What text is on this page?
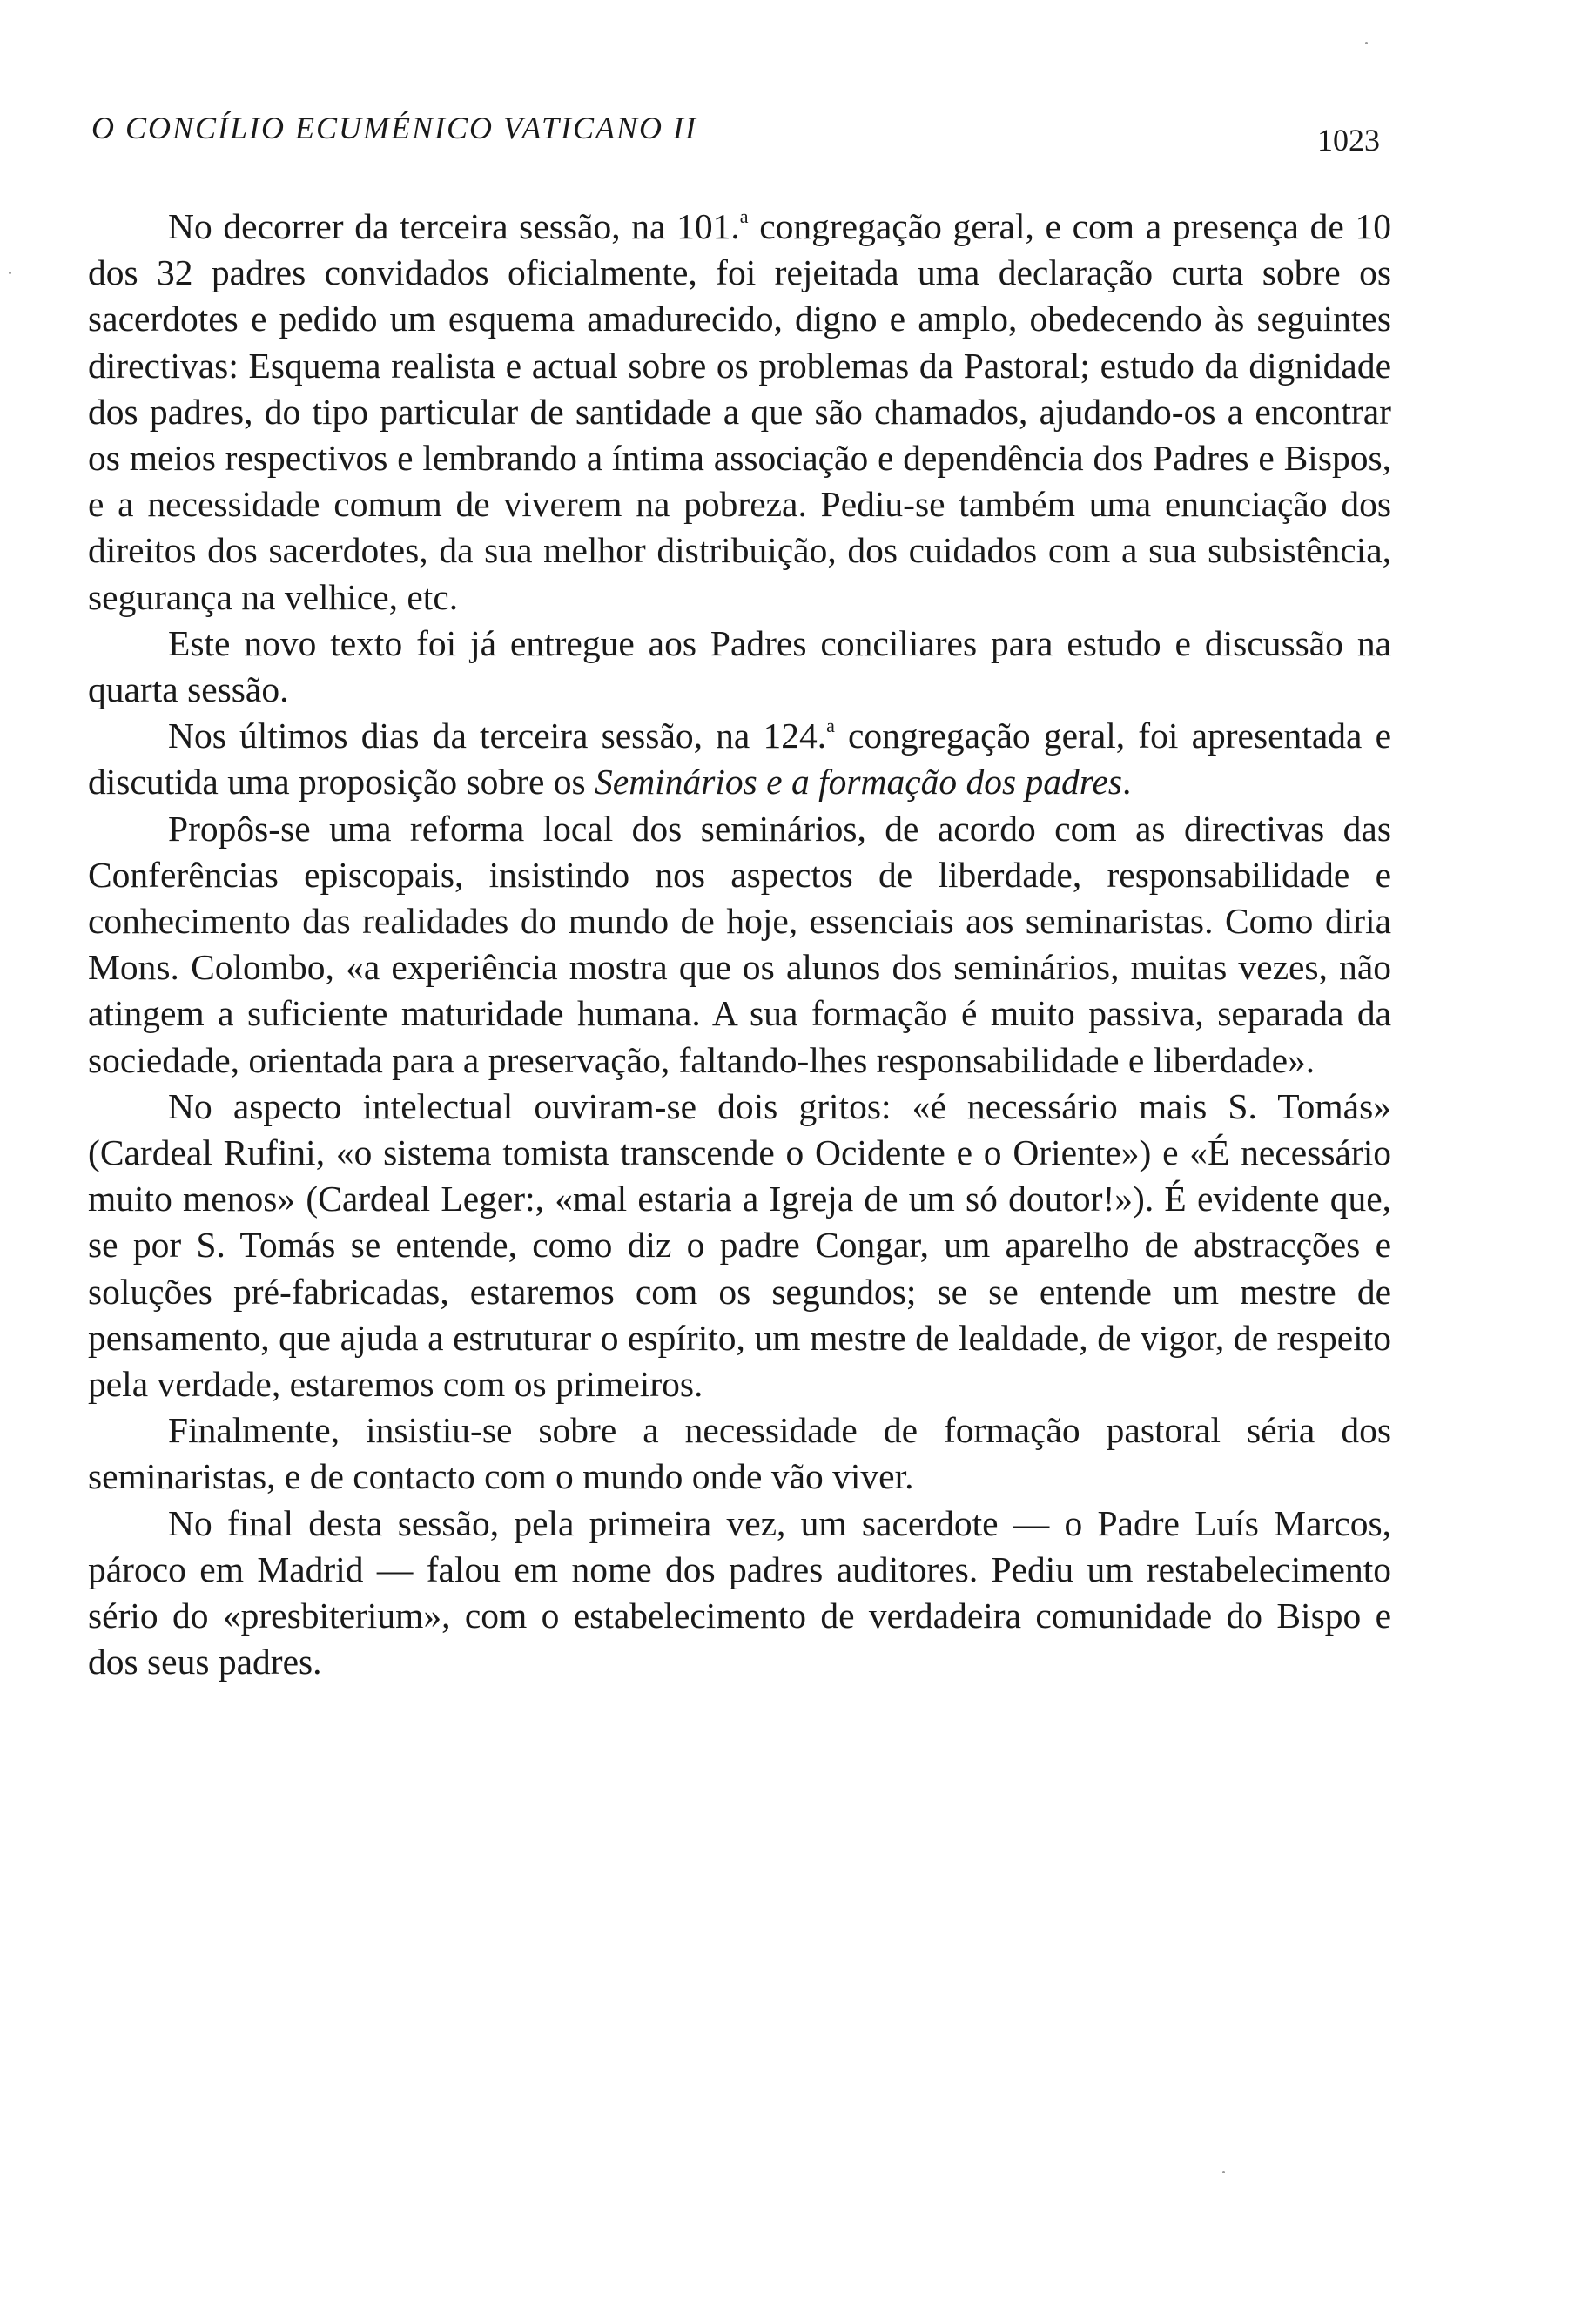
O CONCÍLIO ECUMÉNICO VATICANO II	1023

No decorrer da terceira sessão, na 101.$^a$ congregação geral, e com a presença de 10 dos 32 padres convidados oficialmente, foi rejeitada uma declaração curta sobre os sacerdotes e pedido um esquema amadurecido, digno e amplo, obedecendo às seguintes directivas: Esquema realista e actual sobre os problemas da Pastoral; estudo da dignidade dos padres, do tipo particular de santidade a que são chamados, ajudando-os a encontrar os meios respectivos e lembrando a íntima associação e dependência dos Padres e Bispos, e a necessidade comum de viverem na pobreza. Pediu-se também uma enunciação dos direitos dos sacerdotes, da sua melhor distribuição, dos cuidados com a sua subsistência, segurança na velhice, etc.

Este novo texto foi já entregue aos Padres conciliares para estudo e discussão na quarta sessão.

Nos últimos dias da terceira sessão, na 124.$^a$ congregação geral, foi apresentada e discutida uma proposição sobre os Seminários e a formação dos padres.

Propôs-se uma reforma local dos seminários, de acordo com as directivas das Conferências episcopais, insistindo nos aspectos de liberdade, responsabilidade e conhecimento das realidades do mundo de hoje, essenciais aos seminaristas. Como diria Mons. Colombo, «a experiência mostra que os alunos dos seminários, muitas vezes, não atingem a suficiente maturidade humana. A sua formação é muito passiva, separada da sociedade, orientada para a preservação, faltando-lhes responsabilidade e liberdade».

No aspecto intelectual ouviram-se dois gritos: «é necessário mais S. Tomás» (Cardeal Rufini, «o sistema tomista transcende o Ocidente e o Oriente») e «É necessário muito menos» (Cardeal Leger:, «mal estaria a Igreja de um só doutor!»). É evidente que, se por S. Tomás se entende, como diz o padre Congar, um aparelho de abstracções e soluções pré-fabricadas, estaremos com os segundos; se se entende um mestre de pensamento, que ajuda a estruturar o espírito, um mestre de lealdade, de vigor, de respeito pela verdade, estaremos com os primeiros.

Finalmente, insistiu-se sobre a necessidade de formação pastoral séria dos seminaristas, e de contacto com o mundo onde vão viver.

No final desta sessão, pela primeira vez, um sacerdote — o Padre Luís Marcos, pároco em Madrid — falou em nome dos padres auditores. Pediu um restabelecimento sério do «presbiterium», com o estabelecimento de verdadeira comunidade do Bispo e dos seus padres.
